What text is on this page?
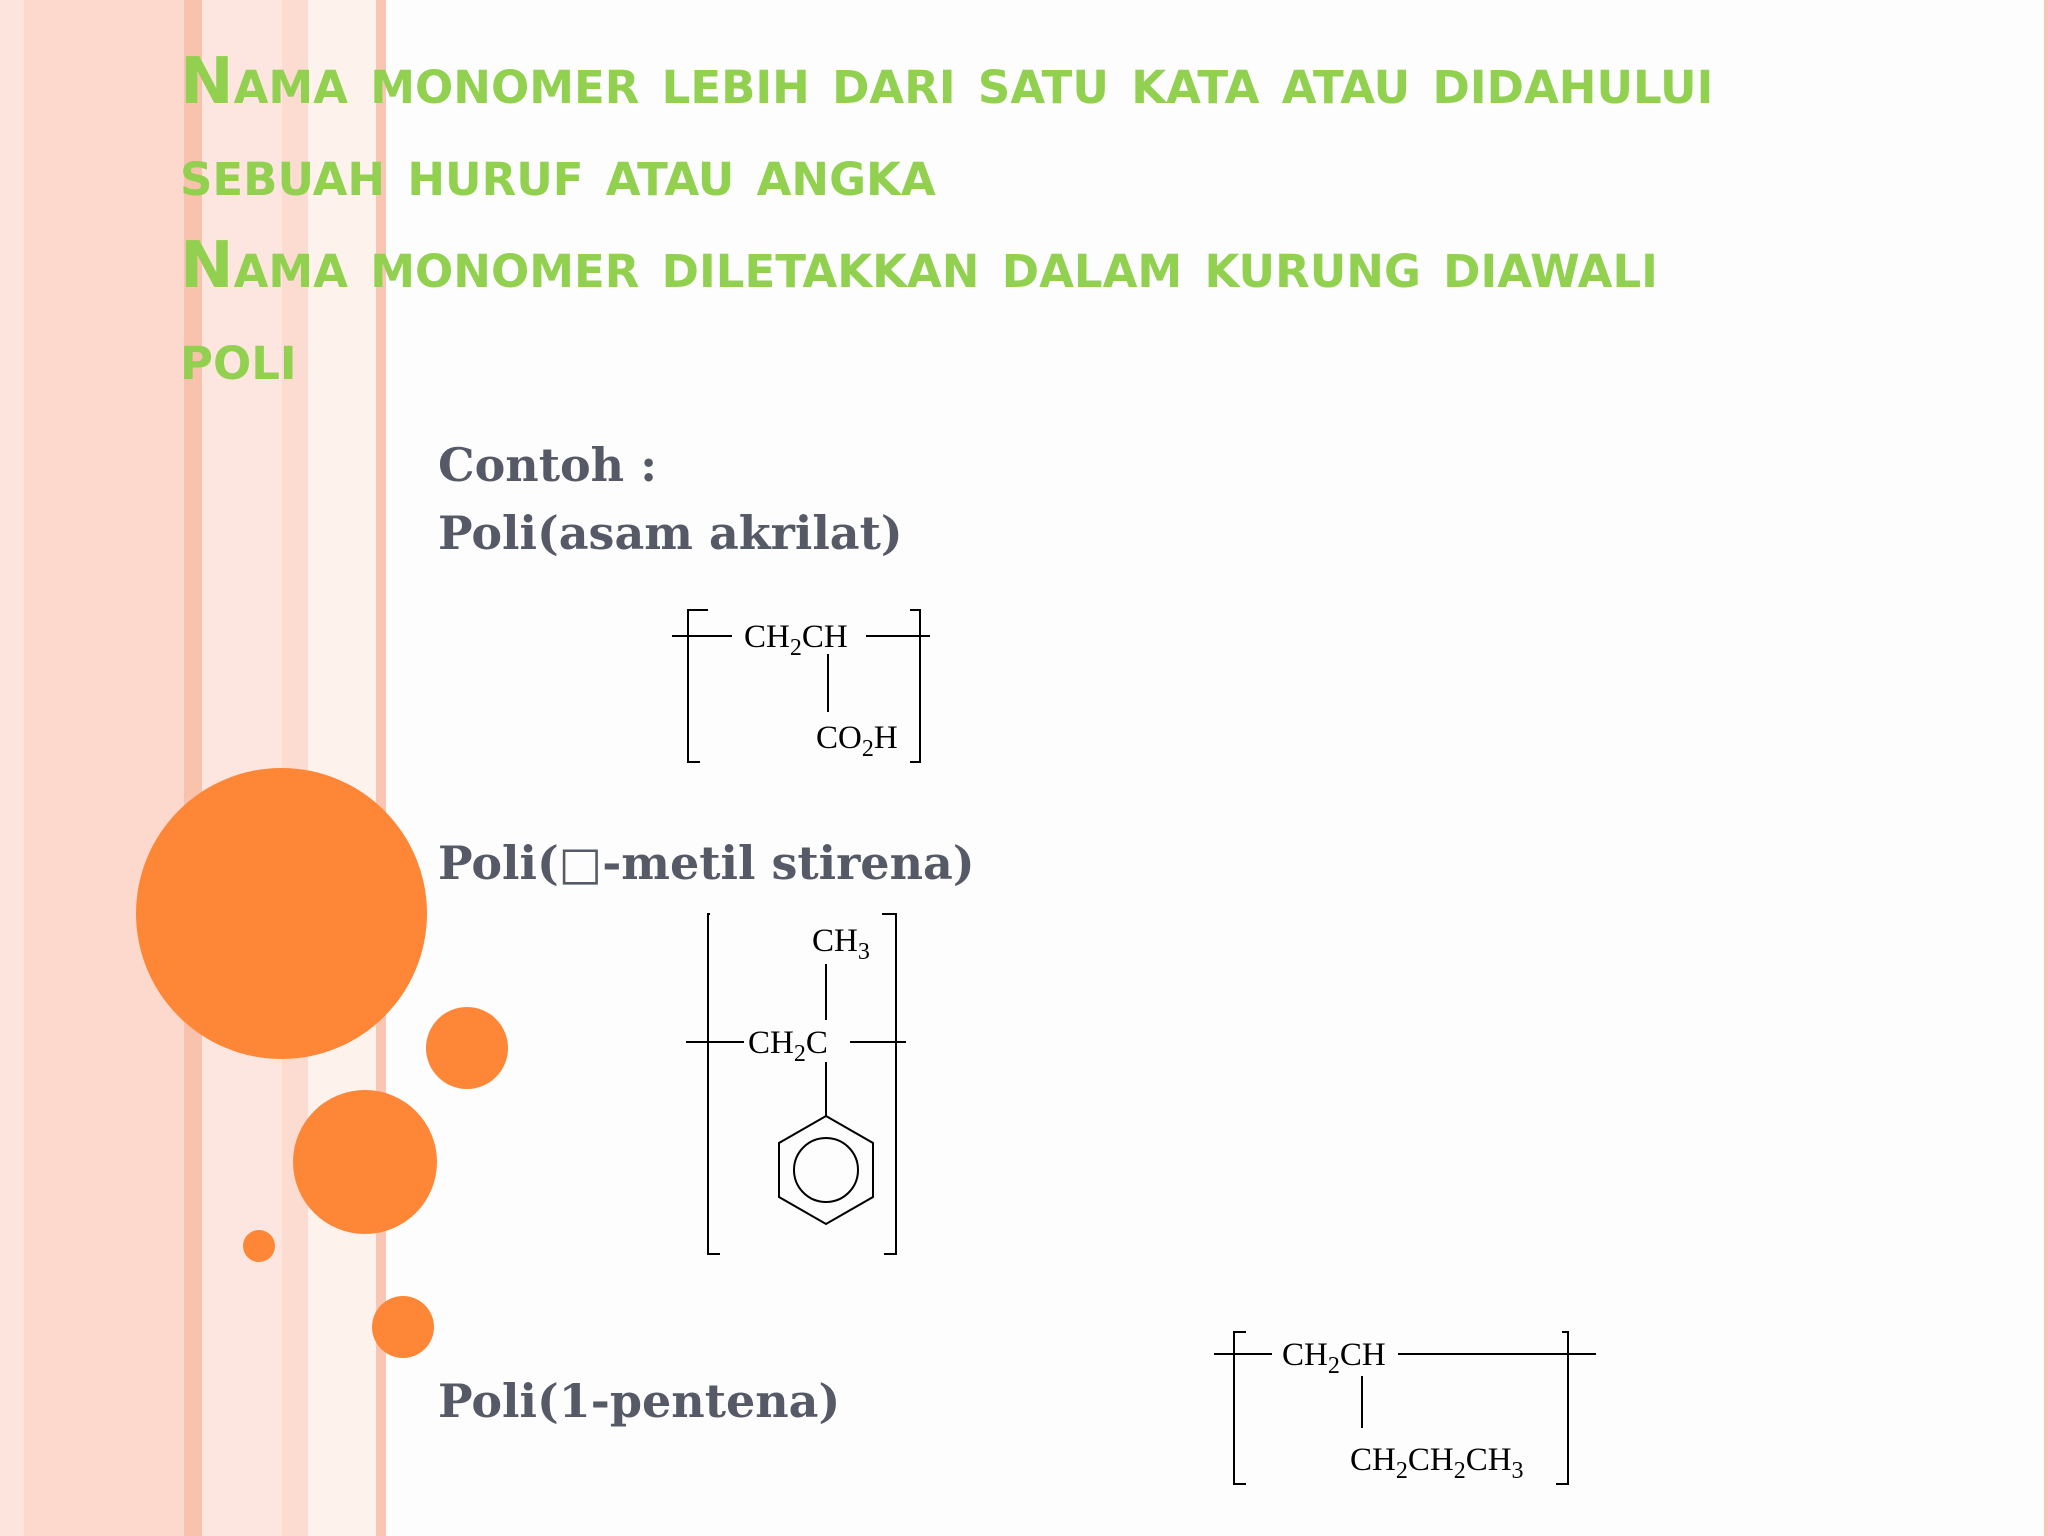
Nama monomer lebih dari satu kata atau didahului
sebuah huruf atau angka
Nama monomer diletakkan dalam kurung diawali
poli
Contoh :
Poli(asam akrilat)
Poli(□-metil stirena)
Poli(1-pentena)
$CH_2CH$
$CO_2H$
$CH_3$
$CH_2C$
$CH_2CH$
$CH_2CH_2CH_3$
